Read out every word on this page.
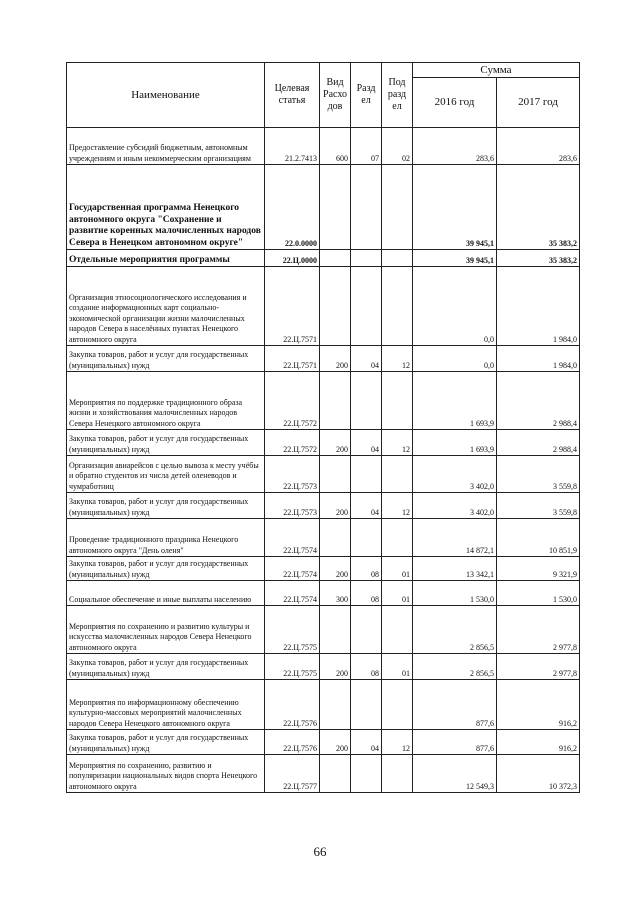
Наименование	Целевая статья	Вид Расхо дов	Разд ел	Под разд ел	Сумма	
					2016 год	2017 год
Предоставление субсидий бюджетным, автономным учреждениям и иным некоммерческим организациям	21.2.7413	600	07	02	283,6	283,6
Государственная программа Ненецкого автономного округа "Сохранение и развитие коренных малочисленных народов Севера в Ненецком автономном округе"	22.0.0000				39 945,1	35 383,2
Отдельные мероприятия программы	22.Ц.0000				39 945,1	35 383,2
Организация этносоциологического исследования и создание информационных карт социально-экономической организации жизни малочисленных народов Севера в населённых пунктах Ненецкого автономного округа	22.Ц.7571				0,0	1 984,0
Закупка товаров, работ и услуг для государственных (муниципальных) нужд	22.Ц.7571	200	04	12	0,0	1 984,0
Мероприятия по поддержке традиционного образа жизни и хозяйствования малочисленных народов Севера Ненецкого автономного округа	22.Ц.7572				1 693,9	2 988,4
Закупка товаров, работ и услуг для государственных (муниципальных) нужд	22.Ц.7572	200	04	12	1 693,9	2 988,4
Организация авиарейсов с целью вывоза к месту учёбы и обратно студентов из числа детей оленеводов и чумработниц	22.Ц.7573				3 402,0	3 559,8
Закупка товаров, работ и услуг для государственных (муниципальных) нужд	22.Ц.7573	200	04	12	3 402,0	3 559,8
Проведение традиционного праздника Ненецкого автономного округа "День оленя"	22.Ц.7574				14 872,1	10 851,9
Закупка товаров, работ и услуг для государственных (муниципальных) нужд	22.Ц.7574	200	08	01	13 342,1	9 321,9
Социальное обеспечение и иные выплаты населению	22.Ц.7574	300	08	01	1 530,0	1 530,0
Мероприятия по сохранению и развитию культуры и искусства малочисленных народов Севера Ненецкого автономного округа	22.Ц.7575				2 856,5	2 977,8
Закупка товаров, работ и услуг для государственных (муниципальных) нужд	22.Ц.7575	200	08	01	2 856,5	2 977,8
Мероприятия по информационному обеспечению культурно-массовых мероприятий малочисленных народов Севера Ненецкого автономного округа	22.Ц.7576				877,6	916,2
Закупка товаров, работ и услуг для государственных (муниципальных) нужд	22.Ц.7576	200	04	12	877,6	916,2
Мероприятия по сохранению, развитию и популяризации национальных видов спорта Ненецкого автономного округа	22.Ц.7577				12 549,3	10 372,3
66
